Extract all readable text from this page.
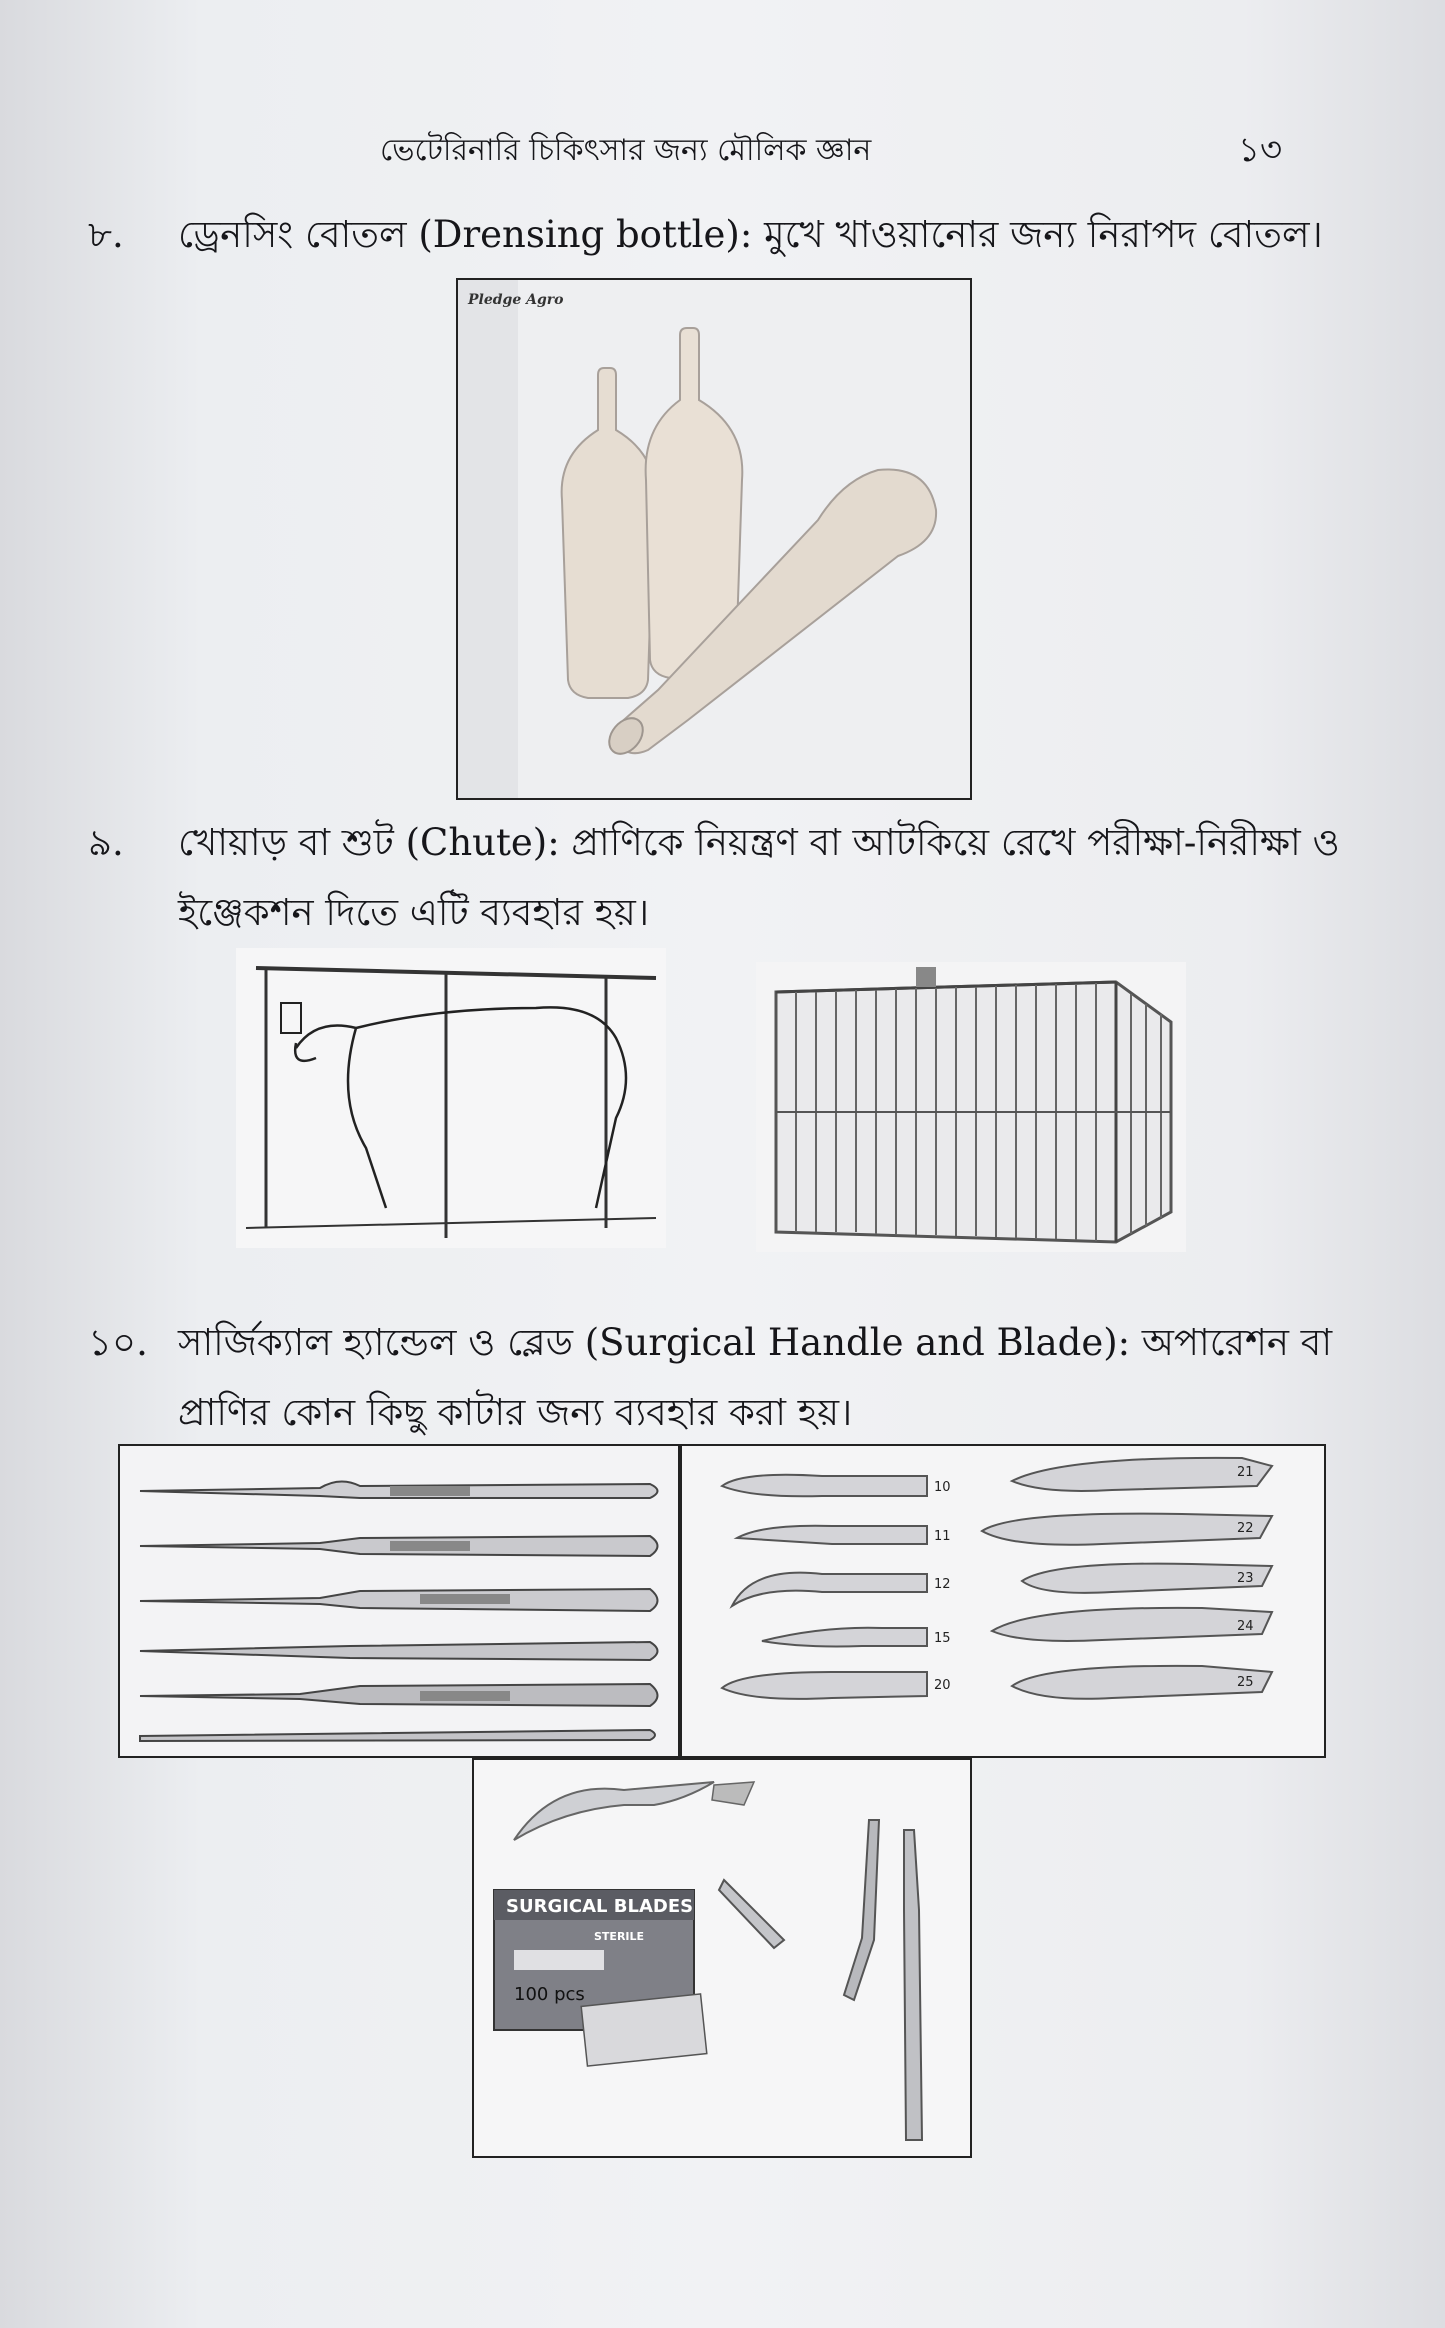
ভেটেরিনারি চিকিৎসার জন্য মৌলিক জ্ঞান	১৩
৮. ড্রেনসিং বোতল (Drensing bottle): মুখে খাওয়ানোর জন্য নিরাপদ বোতল।
Pledge Agro
৯. খোয়াড় বা শুট (Chute): প্রাণিকে নিয়ন্ত্রণ বা আটকিয়ে রেখে পরীক্ষা-নিরীক্ষা ও
ইঞ্জেকশন দিতে এটি ব্যবহার হয়।
১০. সার্জিক্যাল হ্যান্ডেল ও ব্লেড (Surgical Handle and Blade): অপারেশন বা
প্রাণির কোন কিছু কাটার জন্য ব্যবহার করা হয়।
10
11
12
15
20
21
22
23
24
25
SURGICAL BLADES
STERILE
100 pcs
